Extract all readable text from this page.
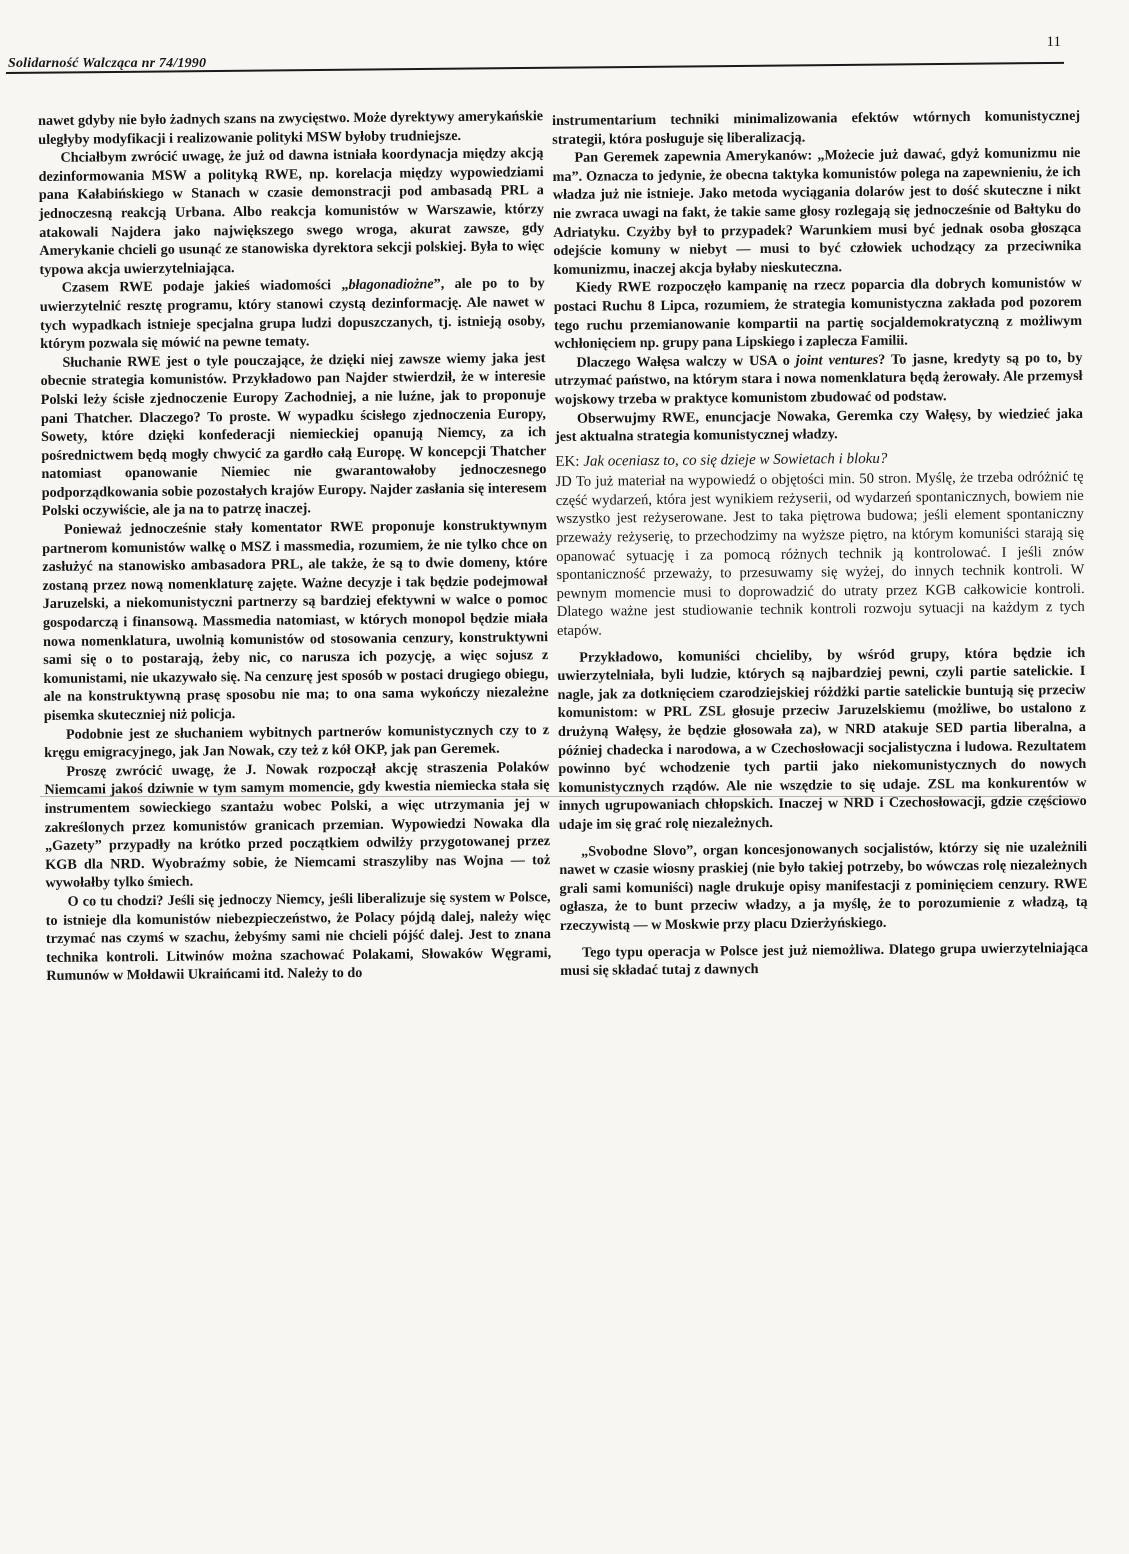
Solidarność Walcząca nr 74/1990
11

nawet gdyby nie było żadnych szans na zwycięstwo. Może dyrektywy amerykańskie uległyby modyfikacji i realizowanie polityki MSW byłoby trudniejsze.

Chciałbym zwrócić uwagę, że już od dawna istniała koordynacja między akcją dezinformowania MSW a polityką RWE, np. korelacja między wypowiedziami pana Kałabińskiego w Stanach w czasie demonstracji pod ambasadą PRL a jednoczesną reakcją Urbana. Albo reakcja komunistów w Warszawie, którzy atakowali Najdera jako największego swego wroga, akurat zawsze, gdy Amerykanie chcieli go usunąć ze stanowiska dyrektora sekcji polskiej. Była to więc typowa akcja uwierzytelniająca.

Czasem RWE podaje jakieś wiadomości „błagonadiożne”, ale po to by uwierzytelnić resztę programu, który stanowi czystą dezinformację. Ale nawet w tych wypadkach istnieje specjalna grupa ludzi dopuszczanych, tj. istnieją osoby, którym pozwala się mówić na pewne tematy.

Słuchanie RWE jest o tyle pouczające, że dzięki niej zawsze wiemy jaka jest obecnie strategia komunistów. Przykładowo pan Najder stwierdził, że w interesie Polski leży ścisłe zjednoczenie Europy Zachodniej, a nie luźne, jak to proponuje pani Thatcher. Dlaczego? To proste. W wypadku ścisłego zjednoczenia Europy, Sowety, które dzięki konfederacji niemieckiej opanują Niemcy, za ich pośrednictwem będą mogły chwycić za gardło całą Europę. W koncepcji Thatcher natomiast opanowanie Niemiec nie gwarantowałoby jednoczesnego podporządkowania sobie pozostałych krajów Europy. Najder zasłania się interesem Polski oczywiście, ale ja na to patrzę inaczej.

Ponieważ jednocześnie stały komentator RWE proponuje konstruktywnym partnerom komunistów walkę o MSZ i massmedia, rozumiem, że nie tylko chce on zasłużyć na stanowisko ambasadora PRL, ale także, że są to dwie domeny, które zostaną przez nową nomenklaturę zajęte. Ważne decyzje i tak będzie podejmował Jaruzelski, a niekomunistyczni partnerzy są bardziej efektywni w walce o pomoc gospodarczą i finansową. Massmedia natomiast, w których monopol będzie miała nowa nomenklatura, uwolnią komunistów od stosowania cenzury, konstruktywni sami się o to postarają, żeby nic, co narusza ich pozycję, a więc sojusz z komunistami, nie ukazywało się. Na cenzurę jest sposób w postaci drugiego obiegu, ale na konstruktywną prasę sposobu nie ma; to ona sama wykończy niezależne pisemka skuteczniej niż policja.

Podobnie jest ze słuchaniem wybitnych partnerów komunistycznych czy to z kręgu emigracyjnego, jak Jan Nowak, czy też z kół OKP, jak pan Geremek.

Proszę zwrócić uwagę, że J. Nowak rozpoczął akcję straszenia Polaków Niemcami jakoś dziwnie w tym samym momencie, gdy kwestia niemiecka stała się instrumentem sowieckiego szantażu wobec Polski, a więc utrzymania jej w zakreślonych przez komunistów granicach przemian. Wypowiedzi Nowaka dla „Gazety” przypadły na krótko przed początkiem odwilży przygotowanej przez KGB dla NRD. Wyobraźmy sobie, że Niemcami straszyliby nas Wojna — toż wywołałby tylko śmiech.

O co tu chodzi? Jeśli się jednoczy Niemcy, jeśli liberalizuje się system w Polsce, to istnieje dla komunistów niebezpieczeństwo, że Polacy pójdą dalej, należy więc trzymać nas czymś w szachu, żebyśmy sami nie chcieli pójść dalej. Jest to znana technika kontroli. Litwinów można szachować Polakami, Słowaków Węgrami, Rumunów w Mołdawii Ukraińcami itd. Należy to do

instrumentarium techniki minimalizowania efektów wtórnych komunistycznej strategii, która posługuje się liberalizacją.

Pan Geremek zapewnia Amerykanów: „Możecie już dawać, gdyż komunizmu nie ma”. Oznacza to jedynie, że obecna taktyka komunistów polega na zapewnieniu, że ich władza już nie istnieje. Jako metoda wyciągania dolarów jest to dość skuteczne i nikt nie zwraca uwagi na fakt, że takie same głosy rozlegają się jednocześnie od Bałtyku do Adriatyku. Czyżby był to przypadek? Warunkiem musi być jednak osoba głosząca odejście komuny w niebyt — musi to być człowiek uchodzący za przeciwnika komunizmu, inaczej akcja byłaby nieskuteczna.

Kiedy RWE rozpoczęło kampanię na rzecz poparcia dla dobrych komunistów w postaci Ruchu 8 Lipca, rozumiem, że strategia komunistyczna zakłada pod pozorem tego ruchu przemianowanie kompartii na partię socjaldemokratyczną z możliwym wchłonięciem np. grupy pana Lipskiego i zaplecza Familii.

Dlaczego Wałęsa walczy w USA o joint ventures? To jasne, kredyty są po to, by utrzymać państwo, na którym stara i nowa nomenklatura będą żerowały. Ale przemysł wojskowy trzeba w praktyce komunistom zbudować od podstaw.

Obserwujmy RWE, enuncjacje Nowaka, Geremka czy Wałęsy, by wiedzieć jaka jest aktualna strategia komunistycznej władzy.

EK: Jak oceniasz to, co się dzieje w Sowietach i bloku?

JD To już materiał na wypowiedź o objętości min. 50 stron. Myślę, że trzeba odróżnić tę część wydarzeń, która jest wynikiem reżyserii, od wydarzeń spontanicznych, bowiem nie wszystko jest reżyserowane. Jest to taka piętrowa budowa; jeśli element spontaniczny przeważy reżyserię, to przechodzimy na wyższe piętro, na którym komuniści starają się opanować sytuację i za pomocą różnych technik ją kontrolować. I jeśli znów spontaniczność przeważy, to przesuwamy się wyżej, do innych technik kontroli. W pewnym momencie musi to doprowadzić do utraty przez KGB całkowicie kontroli. Dlatego ważne jest studiowanie technik kontroli rozwoju sytuacji na każdym z tych etapów.

Przykładowo, komuniści chcieliby, by wśród grupy, która będzie ich uwierzytelniała, byli ludzie, których są najbardziej pewni, czyli partie satelickie. I nagle, jak za dotknięciem czarodziejskiej różdżki partie satelickie buntują się przeciw komunistom: w PRL ZSL głosuje przeciw Jaruzelskiemu (możliwe, bo ustalono z drużyną Wałęsy, że będzie głosowała za), w NRD atakuje SED partia liberalna, a później chadecka i narodowa, a w Czechosłowacji socjalistyczna i ludowa. Rezultatem powinno być wchodzenie tych partii jako niekomunistycznych do nowych komunistycznych rządów. Ale nie wszędzie to się udaje. ZSL ma konkurentów w innych ugrupowaniach chłopskich. Inaczej w NRD i Czechosłowacji, gdzie częściowo udaje im się grać rolę niezależnych.

„Svobodne Slovo”, organ koncesjonowanych socjalistów, którzy się nie uzależnili nawet w czasie wiosny praskiej (nie było takiej potrzeby, bo wówczas rolę niezależnych grali sami komuniści) nagle drukuje opisy manifestacji z pominięciem cenzury. RWE ogłasza, że to bunt przeciw władzy, a ja myślę, że to porozumienie z władzą, tą rzeczywistą — w Moskwie przy placu Dzierżyńskiego.

Tego typu operacja w Polsce jest już niemożliwa. Dlatego grupa uwierzytelniająca musi się składać tutaj z dawnych
